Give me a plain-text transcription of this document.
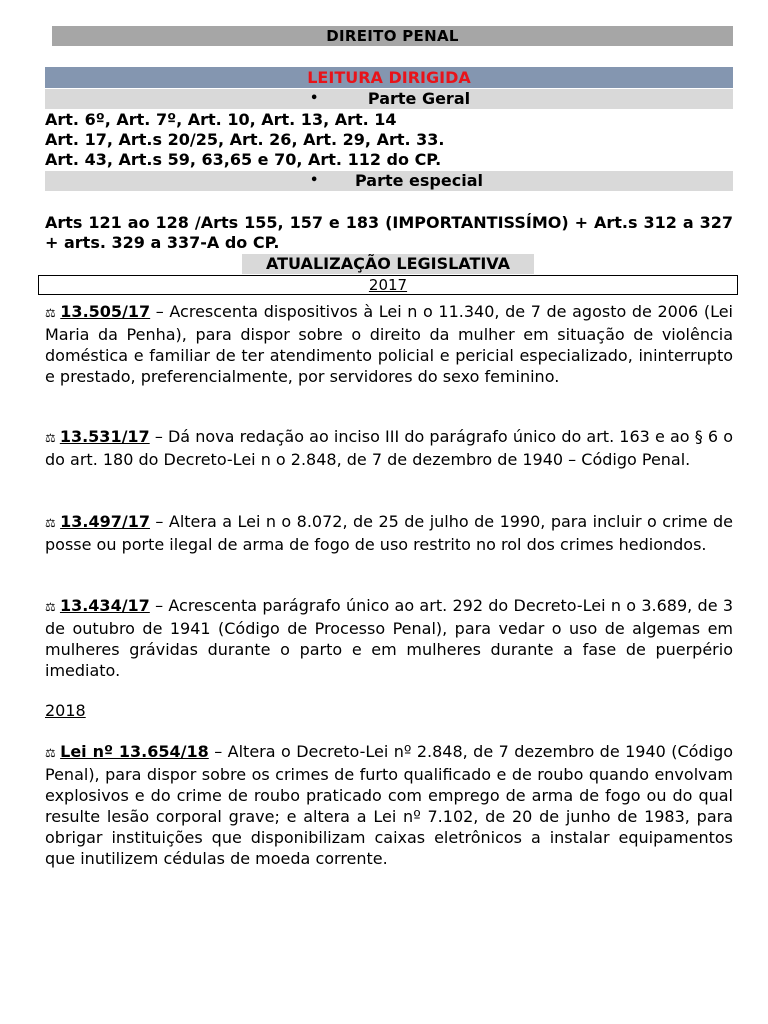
DIREITO PENAL
LEITURA DIRIGIDA
•	Parte Geral
Art. 6º, Art. 7º, Art. 10, Art. 13, Art. 14
Art. 17, Art.s 20/25, Art. 26, Art. 29, Art. 33.
Art. 43, Art.s 59, 63,65 e 70, Art. 112 do CP.
•	Parte especial
Arts 121 ao 128 /Arts 155, 157 e 183 (IMPORTANTISSÍMO) + Art.s 312 a 327 + arts. 329 a 337-A do CP.
ATUALIZAÇÃO LEGISLATIVA
2017
⚖ 13.505/17 – Acrescenta dispositivos à Lei n o 11.340, de 7 de agosto de 2006 (Lei Maria da Penha), para dispor sobre o direito da mulher em situação de violência doméstica e familiar de ter atendimento policial e pericial especializado, ininterrupto e prestado, preferencialmente, por servidores do sexo feminino.
⚖ 13.531/17 – Dá nova redação ao inciso III do parágrafo único do art. 163 e ao § 6 o do art. 180 do Decreto-Lei n o 2.848, de 7 de dezembro de 1940 – Código Penal.
⚖ 13.497/17 – Altera a Lei n o 8.072, de 25 de julho de 1990, para incluir o crime de posse ou porte ilegal de arma de fogo de uso restrito no rol dos crimes hediondos.
⚖ 13.434/17 – Acrescenta parágrafo único ao art. 292 do Decreto-Lei n o 3.689, de 3 de outubro de 1941 (Código de Processo Penal), para vedar o uso de algemas em mulheres grávidas durante o parto e em mulheres durante a fase de puerpério imediato.
2018
⚖ Lei nº 13.654/18 – Altera o Decreto-Lei nº 2.848, de 7 dezembro de 1940 (Código Penal), para dispor sobre os crimes de furto qualificado e de roubo quando envolvam explosivos e do crime de roubo praticado com emprego de arma de fogo ou do qual resulte lesão corporal grave; e altera a Lei nº 7.102, de 20 de junho de 1983, para obrigar instituições que disponibilizam caixas eletrônicos a instalar equipamentos que inutilizem cédulas de moeda corrente.
